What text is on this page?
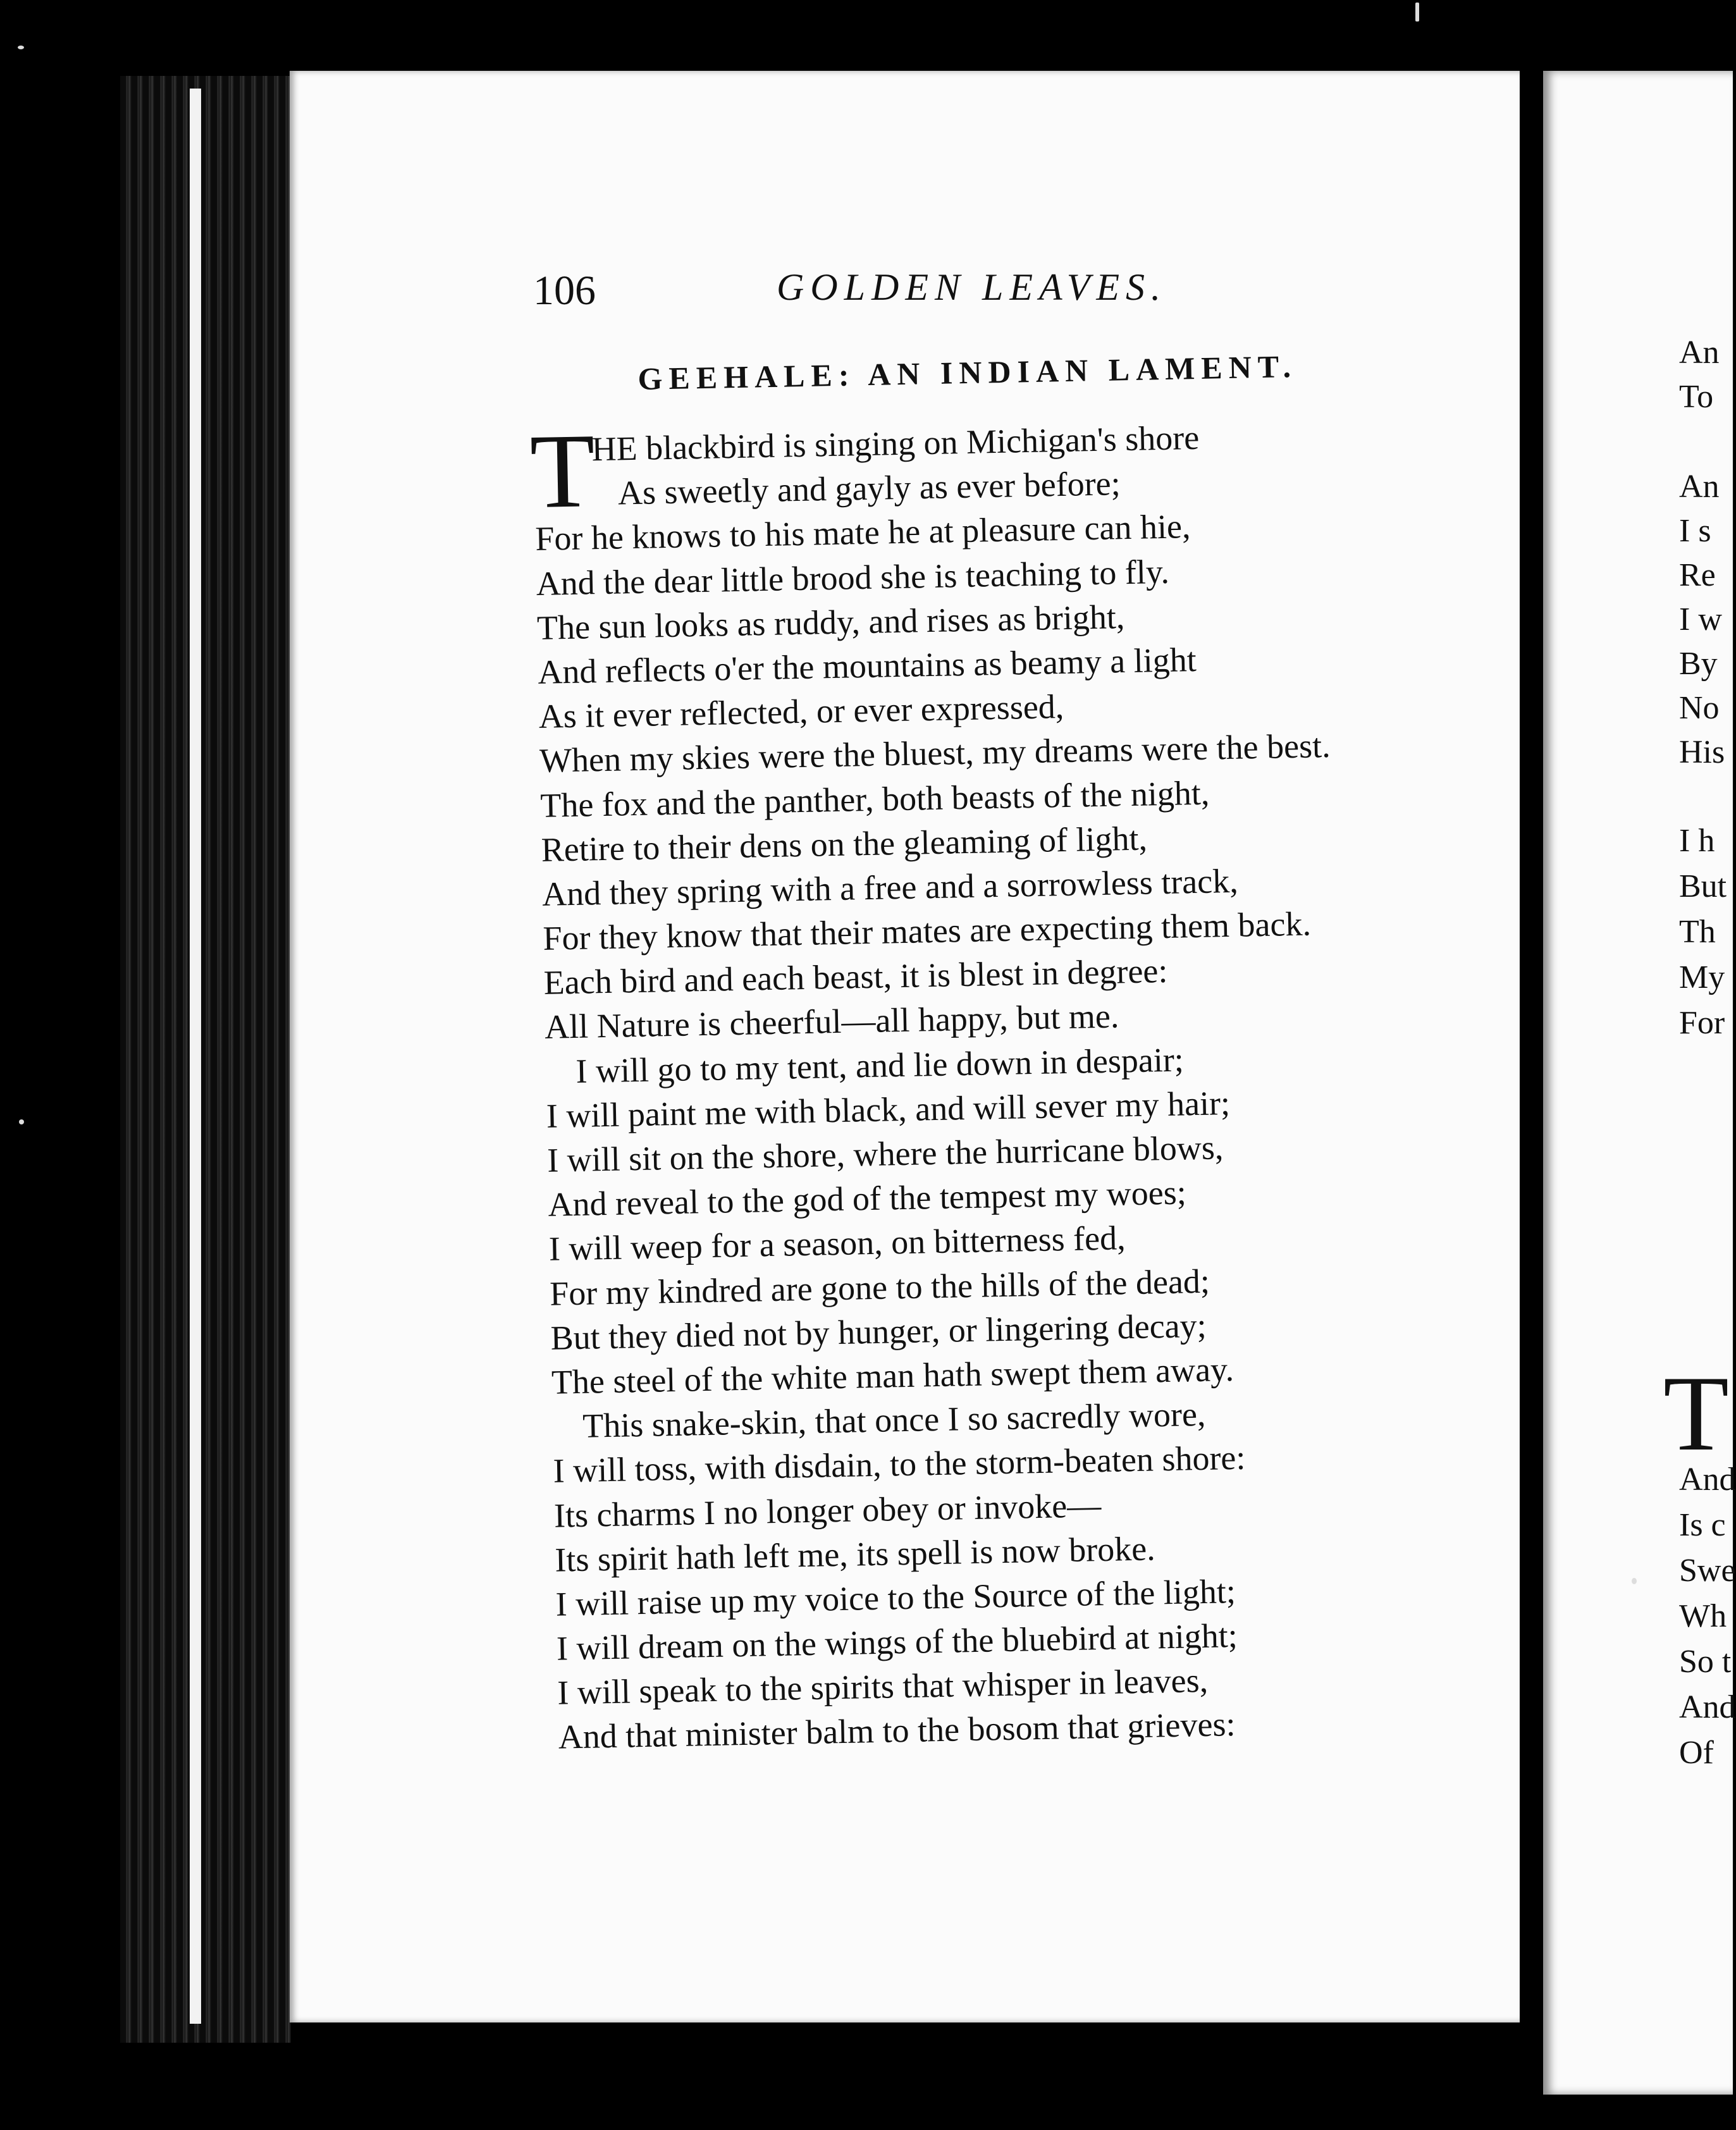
106	GOLDEN LEAVES.
GEEHALE: AN INDIAN LAMENT.
T
HE blackbird is singing on Michigan's shore
As sweetly and gayly as ever before;
For he knows to his mate he at pleasure can hie,
And the dear little brood she is teaching to fly.
The sun looks as ruddy, and rises as bright,
And reflects o'er the mountains as beamy a light
As it ever reflected, or ever expressed,
When my skies were the bluest, my dreams were the best.
The fox and the panther, both beasts of the night,
Retire to their dens on the gleaming of light,
And they spring with a free and a sorrowless track,
For they know that their mates are expecting them back.
Each bird and each beast, it is blest in degree:
All Nature is cheerful—all happy, but me.
I will go to my tent, and lie down in despair;
I will paint me with black, and will sever my hair;
I will sit on the shore, where the hurricane blows,
And reveal to the god of the tempest my woes;
I will weep for a season, on bitterness fed,
For my kindred are gone to the hills of the dead;
But they died not by hunger, or lingering decay;
The steel of the white man hath swept them away.
This snake-skin, that once I so sacredly wore,
I will toss, with disdain, to the storm-beaten shore:
Its charms I no longer obey or invoke—
Its spirit hath left me, its spell is now broke.
I will raise up my voice to the Source of the light;
I will dream on the wings of the bluebird at night;
I will speak to the spirits that whisper in leaves,
And that minister balm to the bosom that grieves:
An
To
An
I s
Re
I w
By
No
His
I h
But
Th
My
For
T
And
Is c
Swe
Wh
So t
And
Of
